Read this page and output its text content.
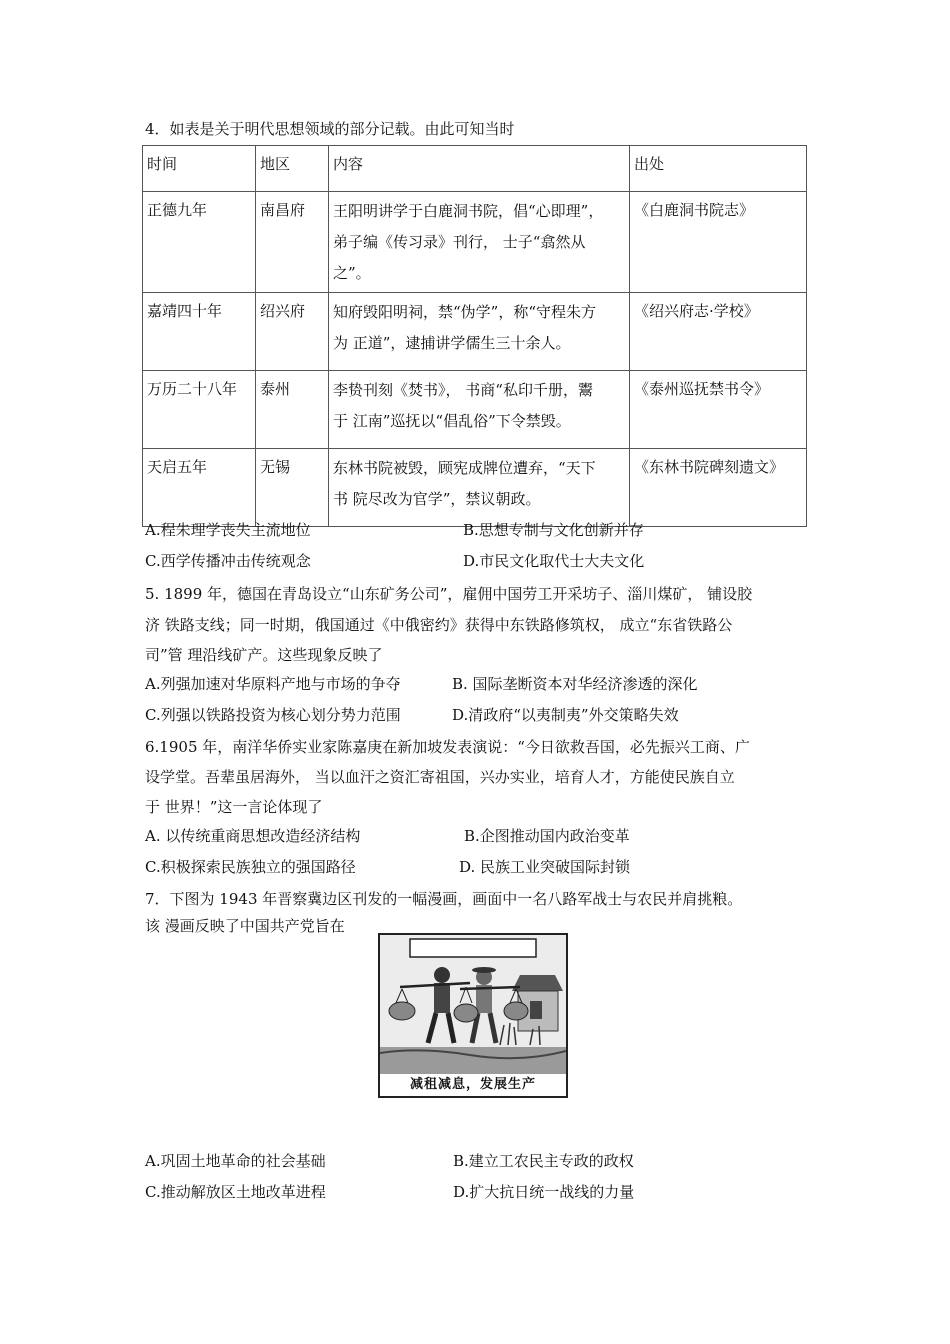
4．如表是关于明代思想领域的部分记载。由此可知当时
时间	地区	内容	出处
正德九年	南昌府	王阳明讲学于白鹿洞书院，倡“心即理”，
弟子编《传习录》刊行， 士子“翕然从
之”。	《白鹿洞书院志》
嘉靖四十年	绍兴府	知府毁阳明祠，禁“伪学”，称“守程朱方
为 正道”，逮捕讲学儒生三十余人。	《绍兴府志·学校》
万历二十八年	泰州	李贽刊刻《焚书》， 书商“私印千册，鬻
于 江南”巡抚以“倡乱俗”下令禁毁。	《泰州巡抚禁书令》
天启五年	无锡	东林书院被毁，顾宪成牌位遭弃，“天下
书 院尽改为官学”，禁议朝政。	《东林书院碑刻遗文》
A.程朱理学丧失主流地位	B.思想专制与文化创新并存
C.西学传播冲击传统观念	D.市民文化取代士大夫文化
5. 1899 年，德国在青岛设立“山东矿务公司”，雇佣中国劳工开采坊子、淄川煤矿， 铺设胶
济 铁路支线；同一时期，俄国通过《中俄密约》获得中东铁路修筑权， 成立“东省铁路公
司”管 理沿线矿产。这些现象反映了
A.列强加速对华原料产地与市场的争夺	B. 国际垄断资本对华经济渗透的深化
C.列强以铁路投资为核心划分势力范围	D.清政府“以夷制夷”外交策略失效
6.1905 年，南洋华侨实业家陈嘉庚在新加坡发表演说：“今日欲救吾国，必先振兴工商、广
设学堂。吾辈虽居海外， 当以血汗之资汇寄祖国，兴办实业，培育人才，方能使民族自立
于 世界！”这一言论体现了
A. 以传统重商思想改造经济结构	B.企图推动国内政治变革
C.积极探索民族独立的强国路径	D. 民族工业突破国际封锁
7．下图为 1943 年晋察冀边区刊发的一幅漫画，画面中一名八路军战士与农民并肩挑粮。
该 漫画反映了中国共产党旨在
减租减息，发展生产
A.巩固土地革命的社会基础	B.建立工农民主专政的政权
C.推动解放区土地改革进程	D.扩大抗日统一战线的力量
